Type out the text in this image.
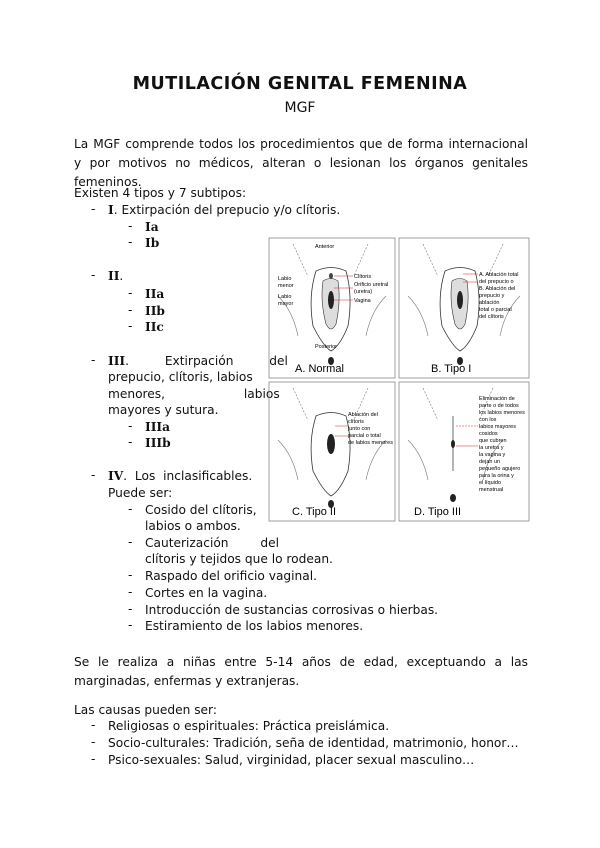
MUTILACIÓN GENITAL FEMENINA
MGF
La MGF comprende todos los procedimientos que de forma internacional y por motivos no médicos, alteran o lesionan los órganos genitales femeninos.
Existen 4 tipos y 7 subtipos:
- I. Extirpación del prepucio y/o clítoris.
- Ia
- Ib
- II.
- IIa
- IIb
- IIc
- III. Extirpación del
prepucio, clítoris, labios
menores, labios
mayores y sutura.
- IIIa
- IIIb
- IV. Los inclasificables.
Puede ser:
- Cosido del clítoris,
labios o ambos.
- Cauterización del
clítoris y tejidos que lo rodean.
- Raspado del orificio vaginal.
- Cortes en la vagina.
- Introducción de sustancias corrosivas o hierbas.
- Estiramiento de los labios menores.
Se le realiza a niñas entre 5-14 años de edad, exceptuando a las marginadas, enfermas y extranjeras.
Las causas pueden ser:
- Religiosas o espirituales: Práctica preislámica.
- Socio-culturales: Tradición, seña de identidad, matrimonio, honor…
- Psico-sexuales: Salud, virginidad, placer sexual masculino…
Anterior
Clítoris
Orificio uretral
(uretra)
Vagina
Labio
menor
Labio
mayor
Posterior
A. Normal
A. Ablación total
del prepucio o
B. Ablación del
prepucio y
ablación
total o parcial
del clítoris
B. Tipo I
Ablación del
clítoris
junto con
parcial o total
de labios menores
C. Tipo II
Eliminación de
parte o de todos
los labios menores
con los
labios mayores
cosidos
que cubren
la uretra y
la vagina y
dejan un
pequeño agujero
para la orina y
el líquido
menstrual
D. Tipo III
